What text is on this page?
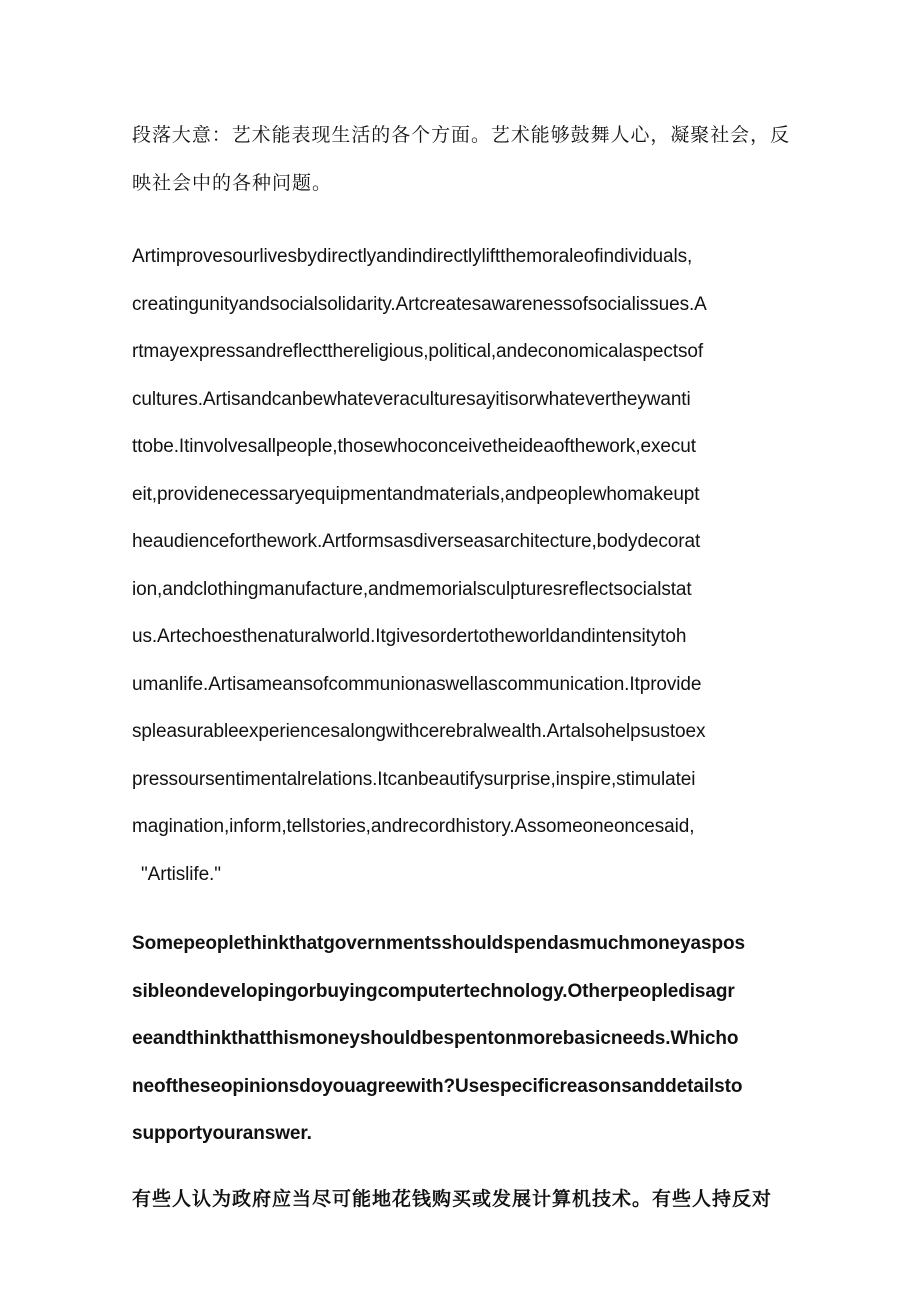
段落大意：艺术能表现生活的各个方面。艺术能够鼓舞人心，凝聚社会，反
映社会中的各种问题。
Artimprovesourlivesbydirectlyandindirectlyliftthemoraleofindividuals,
creatingunityandsocialsolidarity.Artcreatesawarenessofsocialissues.A
rtmayexpressandreflectthereligious,political,andeconomicalaspectsof
cultures.Artisandcanbewhateveraculturesayitisorwhatevertheywanti
ttobe.Itinvolvesallpeople,thosewhoconceivetheideaofthework,execut
eit,providenecessaryequipmentandmaterials,andpeoplewhomakeupt
heaudienceforthework.Artformsasdiverseasarchitecture,bodydecorat
ion,andclothingmanufacture,andmemorialsculpturesreflectsocialstat
us.Artechoesthenaturalworld.Itgivesordertotheworldandintensitytoh
umanlife.Artisameansofcommunionaswellascommunication.Itprovide
spleasurableexperiencesalongwithcerebralwealth.Artalsohelpsustoex
pressoursentimentalrelations.Itcanbeautifysurprise,inspire,stimulatei
magination,inform,tellstories,andrecordhistory.Assomeoneoncesaid,
"Artislife."
Somepeoplethinkthatgovernmentsshouldspendasmuchmoneyaspos
sibleondevelopingorbuyingcomputertechnology.Otherpeopledisagr
eeandthinkthatthismoneyshouldbespentonmorebasicneeds.Whicho
neoftheseopinionsdoyouagreewith?Usespecificreasonsanddetailsto
supportyouranswer.
有些人认为政府应当尽可能地花钱购买或发展计算机技术。有些人持反对
